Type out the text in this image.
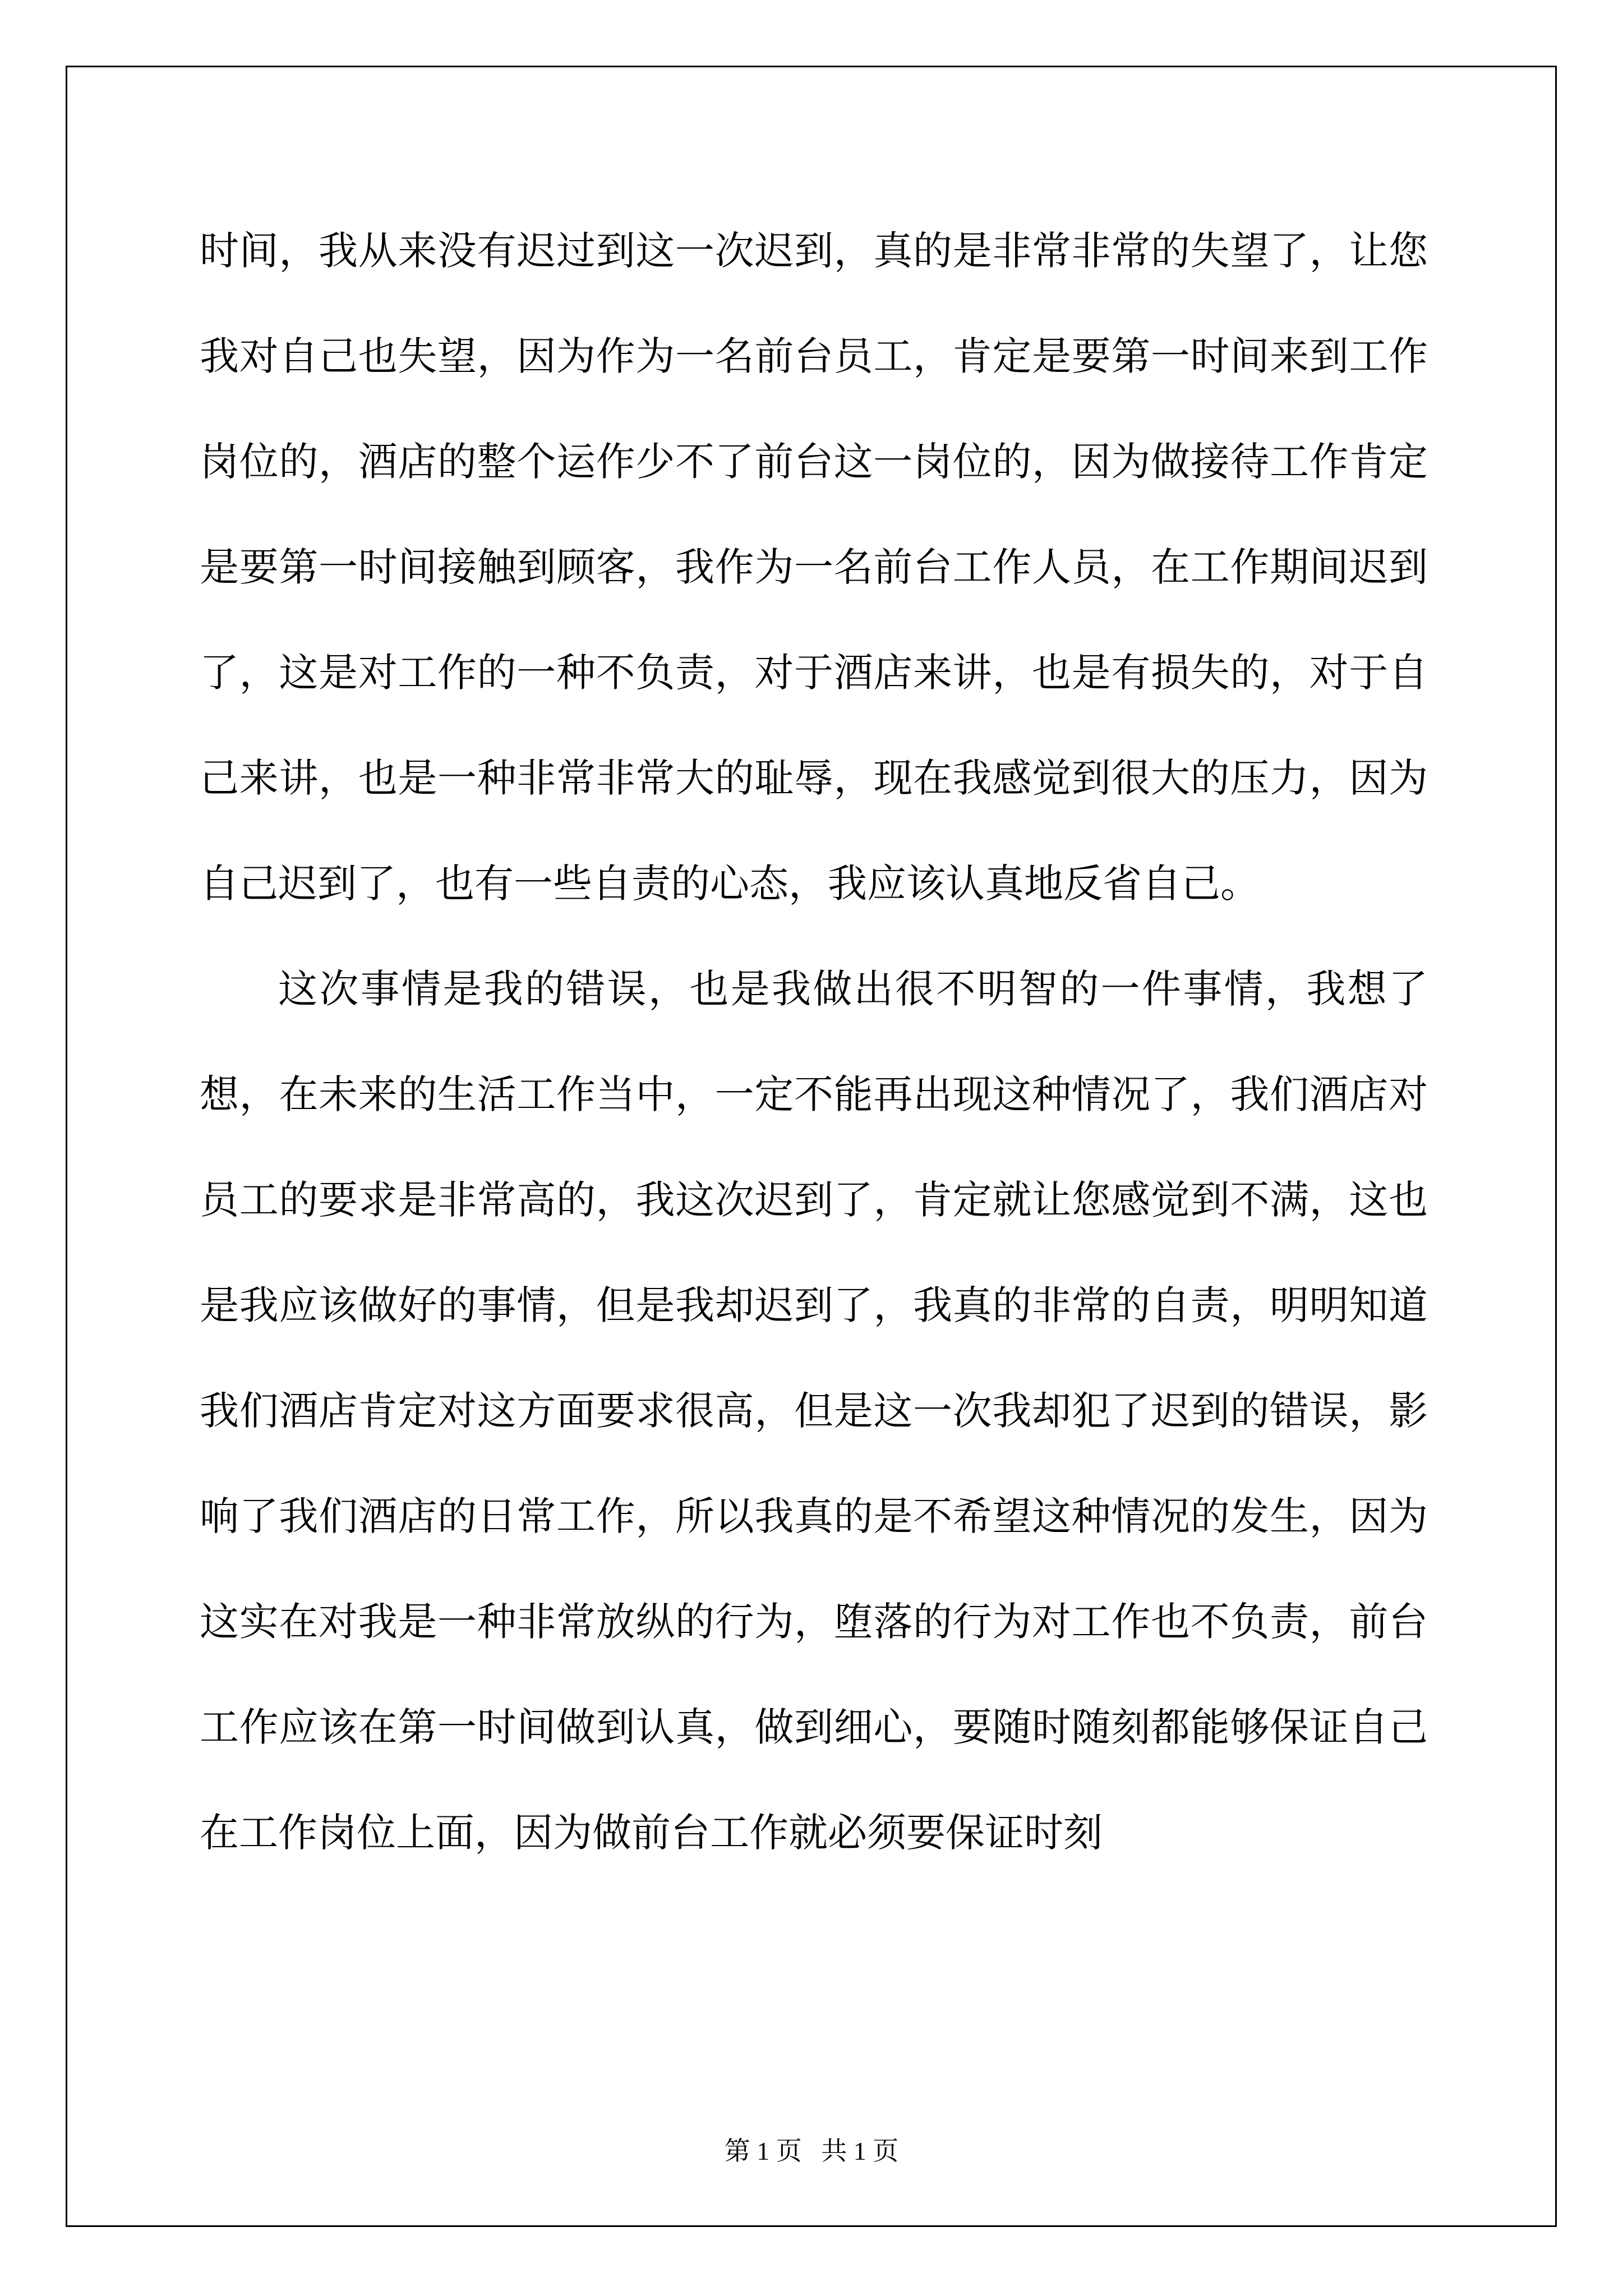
时间，我从来没有迟过到这一次迟到，真的是非常非常的失望了，让您我对自己也失望，因为作为一名前台员工，肯定是要第一时间来到工作岗位的，酒店的整个运作少不了前台这一岗位的，因为做接待工作肯定是要第一时间接触到顾客，我作为一名前台工作人员，在工作期间迟到了，这是对工作的一种不负责，对于酒店来讲，也是有损失的，对于自己来讲，也是一种非常非常大的耻辱，现在我感觉到很大的压力，因为自己迟到了，也有一些自责的心态，我应该认真地反省自己。

这次事情是我的错误，也是我做出很不明智的一件事情，我想了想，在未来的生活工作当中，一定不能再出现这种情况了，我们酒店对员工的要求是非常高的，我这次迟到了，肯定就让您感觉到不满，这也是我应该做好的事情，但是我却迟到了，我真的非常的自责，明明知道我们酒店肯定对这方面要求很高，但是这一次我却犯了迟到的错误，影响了我们酒店的日常工作，所以我真的是不希望这种情况的发生，因为这实在对我是一种非常放纵的行为，堕落的行为对工作也不负责，前台工作应该在第一时间做到认真，做到细心，要随时随刻都能够保证自己在工作岗位上面，因为做前台工作就必须要保证时刻

第 1 页   共 1 页
